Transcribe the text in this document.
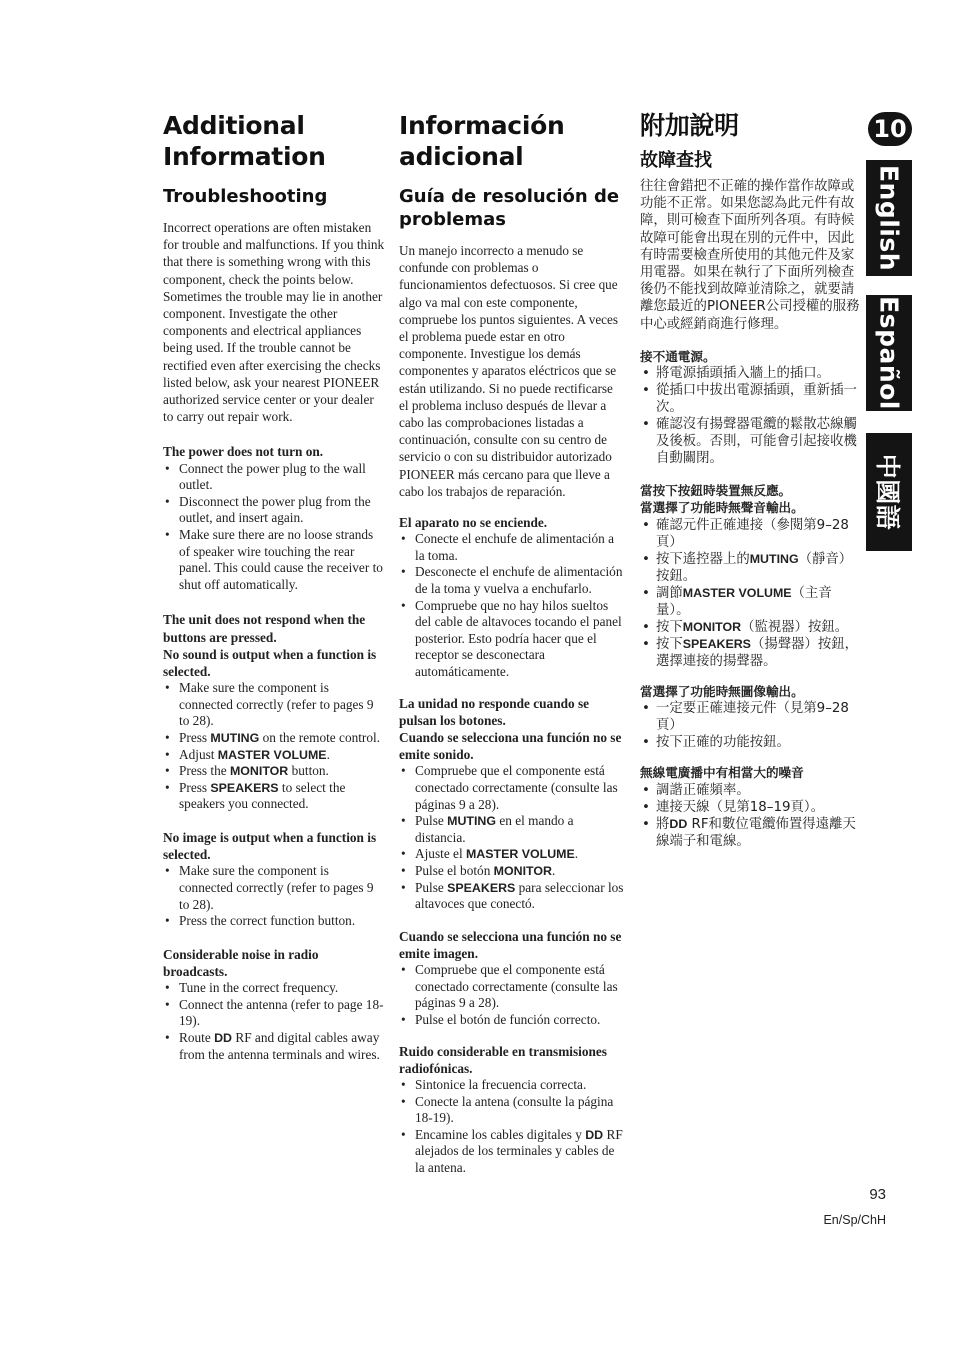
Additional
Information
Troubleshooting

Incorrect operations are often mistaken for trouble and malfunctions. If you think that there is something wrong with this component, check the points below. Sometimes the trouble may lie in another component. Investigate the other components and electrical appliances being used. If the trouble cannot be rectified even after exercising the checks listed below, ask your nearest PIONEER authorized service center or your dealer to carry out repair work.

The power does not turn on.

• Connect the power plug to the wall outlet.
• Disconnect the power plug from the outlet, and insert again.
• Make sure there are no loose strands of speaker wire touching the rear panel. This could cause the receiver to shut off automatically.

The unit does not respond when the buttons are pressed.

No sound is output when a function is selected.

• Make sure the component is connected correctly (refer to pages 9 to 28).
• Press MUTING on the remote control.
• Adjust MASTER VOLUME.
• Press the MONITOR button.
• Press SPEAKERS to select the speakers you connected.

No image is output when a function is selected.

• Make sure the component is connected correctly (refer to pages 9 to 28).
• Press the correct function button.

Considerable noise in radio broadcasts.

• Tune in the correct frequency.
• Connect the antenna (refer to page 18-19).
• Route DD RF and digital cables away from the antenna terminals and wires.
Información
adicional
Guía de resolución de problemas

Un manejo incorrecto a menudo se confunde con problemas o funcionamientos defectuosos. Si cree que algo va mal con este componente, compruebe los puntos siguientes. A veces el problema puede estar en otro componente. Investigue los demás componentes y aparatos eléctricos que se están utilizando. Si no puede rectificarse el problema incluso después de llevar a cabo las comprobaciones listadas a continuación, consulte con su centro de servicio o con su distribuidor autorizado PIONEER más cercano para que lleve a cabo los trabajos de reparación.

El aparato no se enciende.

• Conecte el enchufe de alimentación a la toma.
• Desconecte el enchufe de alimentación de la toma y vuelva a enchufarlo.
• Compruebe que no hay hilos sueltos del cable de altavoces tocando el panel posterior. Esto podría hacer que el receptor se desconectara automáticamente.

La unidad no responde cuando se pulsan los botones.

Cuando se selecciona una función no se emite sonido.

• Compruebe que el componente está conectado correctamente (consulte las páginas 9 a 28).
• Pulse MUTING en el mando a distancia.
• Ajuste el MASTER VOLUME.
• Pulse el botón MONITOR.
• Pulse SPEAKERS para seleccionar los altavoces que conectó.

Cuando se selecciona una función no se emite imagen.

• Compruebe que el componente está conectado correctamente (consulte las páginas 9 a 28).
• Pulse el botón de función correcto.

Ruido considerable en transmisiones radiofónicas.

• Sintonice la frecuencia correcta.
• Conecte la antena (consulte la página 18-19).
• Encamine los cables digitales y DD RF alejados de los terminales y cables de la antena.
附加說明
故障查找

往往會錯把不正確的操作當作故障或功能不正常。如果您認為此元件有故障，則可檢查下面所列各項。有時候故障可能會出現在別的元件中，因此有時需要檢查所使用的其他元件及家用電器。如果在執行了下面所列檢查後仍不能找到故障並清除之，就要請離您最近的PIONEER公司授權的服務中心或經銷商進行修理。

接不通電源。

• 將電源插頭插入牆上的插口。
• 從插口中拔出電源插頭，重新插一次。
• 確認沒有揚聲器電纜的鬆散芯線觸及後板。否則，可能會引起接收機自動關閉。

當按下按鈕時裝置無反應。

當選擇了功能時無聲音輸出。

• 確認元件正確連接（參閱第9–28頁）
• 按下遙控器上的MUTING（靜音）按鈕。
• 調節MASTER VOLUME（主音量）。
• 按下MONITOR（監視器）按鈕。
• 按下SPEAKERS（揚聲器）按鈕， 選擇連接的揚聲器。

當選擇了功能時無圖像輸出。

• 一定要正確連接元件（見第9–28頁）
• 按下正確的功能按鈕。

無線電廣播中有相當大的噪音

• 調諧正確頻率。
• 連接天線（見第18–19頁）。
• 將DD RF和數位電纜佈置得遠離天線端子和電線。
10
English
Español
中國語
93
En/Sp/ChH
